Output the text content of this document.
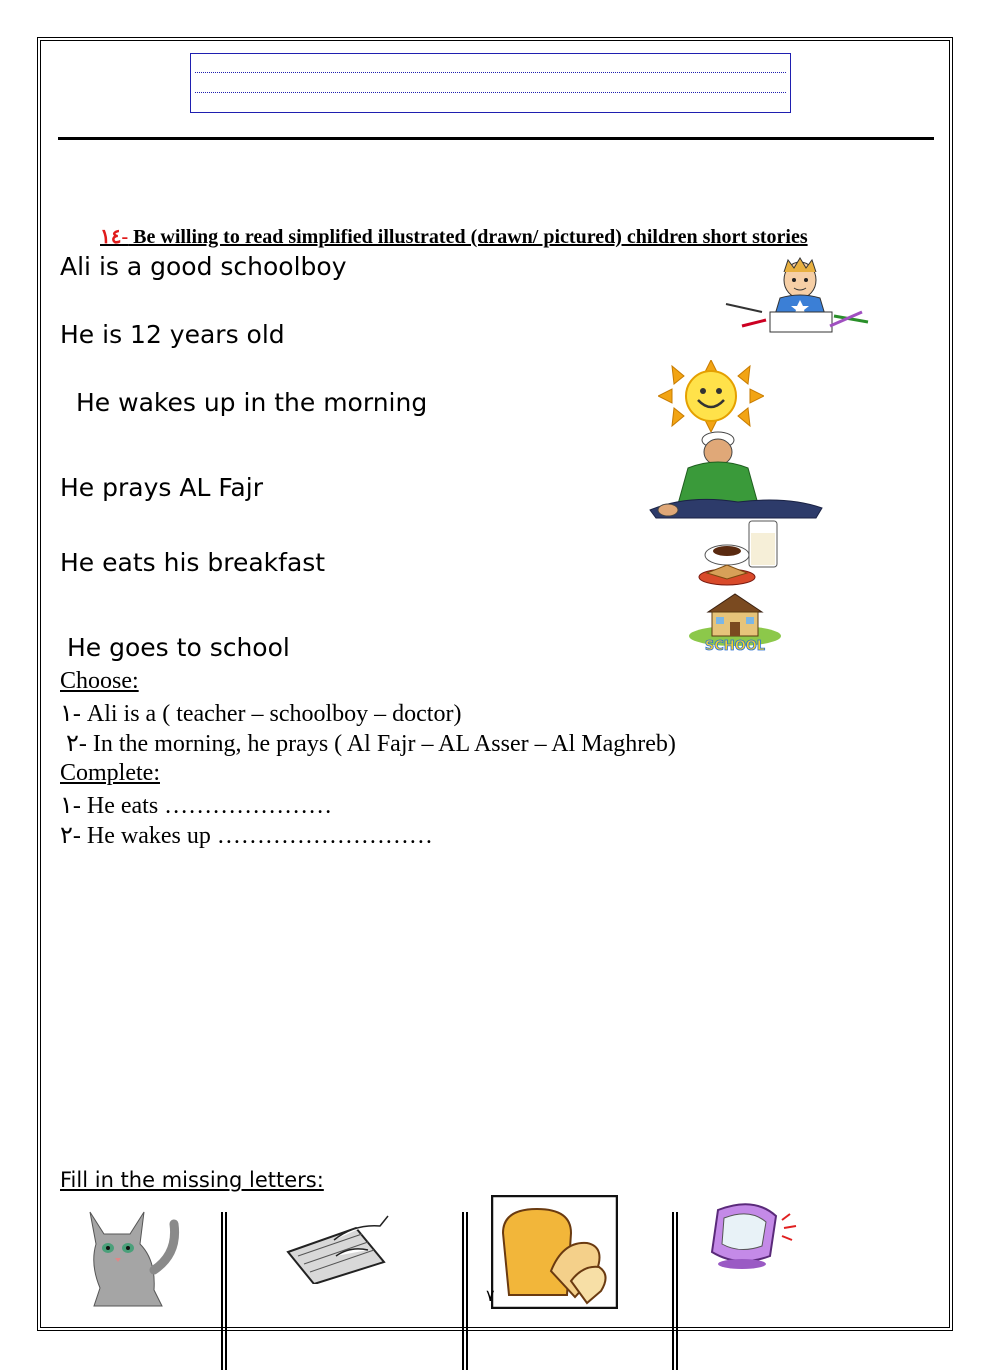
١٤- Be willing to read simplified illustrated (drawn/ pictured) children short stories
Ali is a good schoolboy
He is 12 years old
He wakes up in the morning
He prays AL Fajr
He eats his breakfast
He goes to school	SCHOOL
Choose:
١- Ali is a ( teacher – schoolboy – doctor)
٢- In the morning, he prays ( Al Fajr – AL Asser – Al Maghreb)
Complete:
١- He eats …………………
٢- He wakes up ………………………
Fill in the missing letters:
٧
